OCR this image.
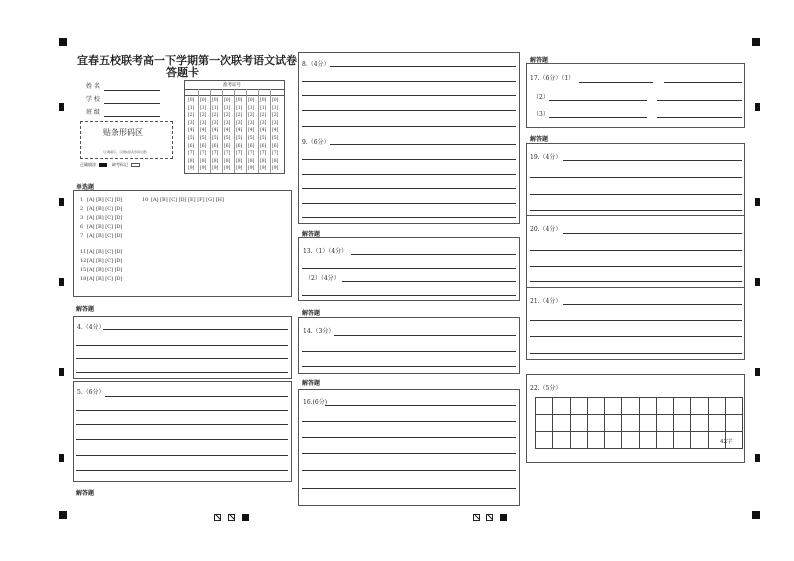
宜春五校联考高一下学期第一次联考语文试卷
答题卡
姓 名
学 校
班 级
贴条形码区
（正确填写，示例粘贴条形码位置）
正确填涂	缺考标记
准考证号
[0]
[1]
[2]
[3]
[4]
[5]
[6]
[7]
[8]
[9]
[0]
[1]
[2]
[3]
[4]
[5]
[6]
[7]
[8]
[9]
[0]
[1]
[2]
[3]
[4]
[5]
[6]
[7]
[8]
[9]
[0]
[1]
[2]
[3]
[4]
[5]
[6]
[7]
[8]
[9]
[0]
[1]
[2]
[3]
[4]
[5]
[6]
[7]
[8]
[9]
[0]
[1]
[2]
[3]
[4]
[5]
[6]
[7]
[8]
[9]
[0]
[1]
[2]
[3]
[4]
[5]
[6]
[7]
[8]
[9]
[0]
[1]
[2]
[3]
[4]
[5]
[6]
[7]
[8]
[9]
单选题
10 [A] [B] [C] [D] [E] [F] [G] [H]
1 [A] [B] [C] [D]
2 [A] [B] [C] [D]
3 [A] [B] [C] [D]
6 [A] [B] [C] [D]
7 [A] [B] [C] [D]
11 [A] [B] [C] [D]
12 [A] [B] [C] [D]
15 [A] [B] [C] [D]
18 [A] [B] [C] [D]
解答题
4.（4分）
5.（6分）
解答题
8.（4分）
9.（6分）
解答题
13.（1）（4分）
（2）（4分）
解答题
14.（3分）
解答题
16.(6分)
解答题
17.（6分）（1）
（2）
（3）
解答题
19.（4分）
20.（4分）
21.（4分）
22.（5分）
42字
